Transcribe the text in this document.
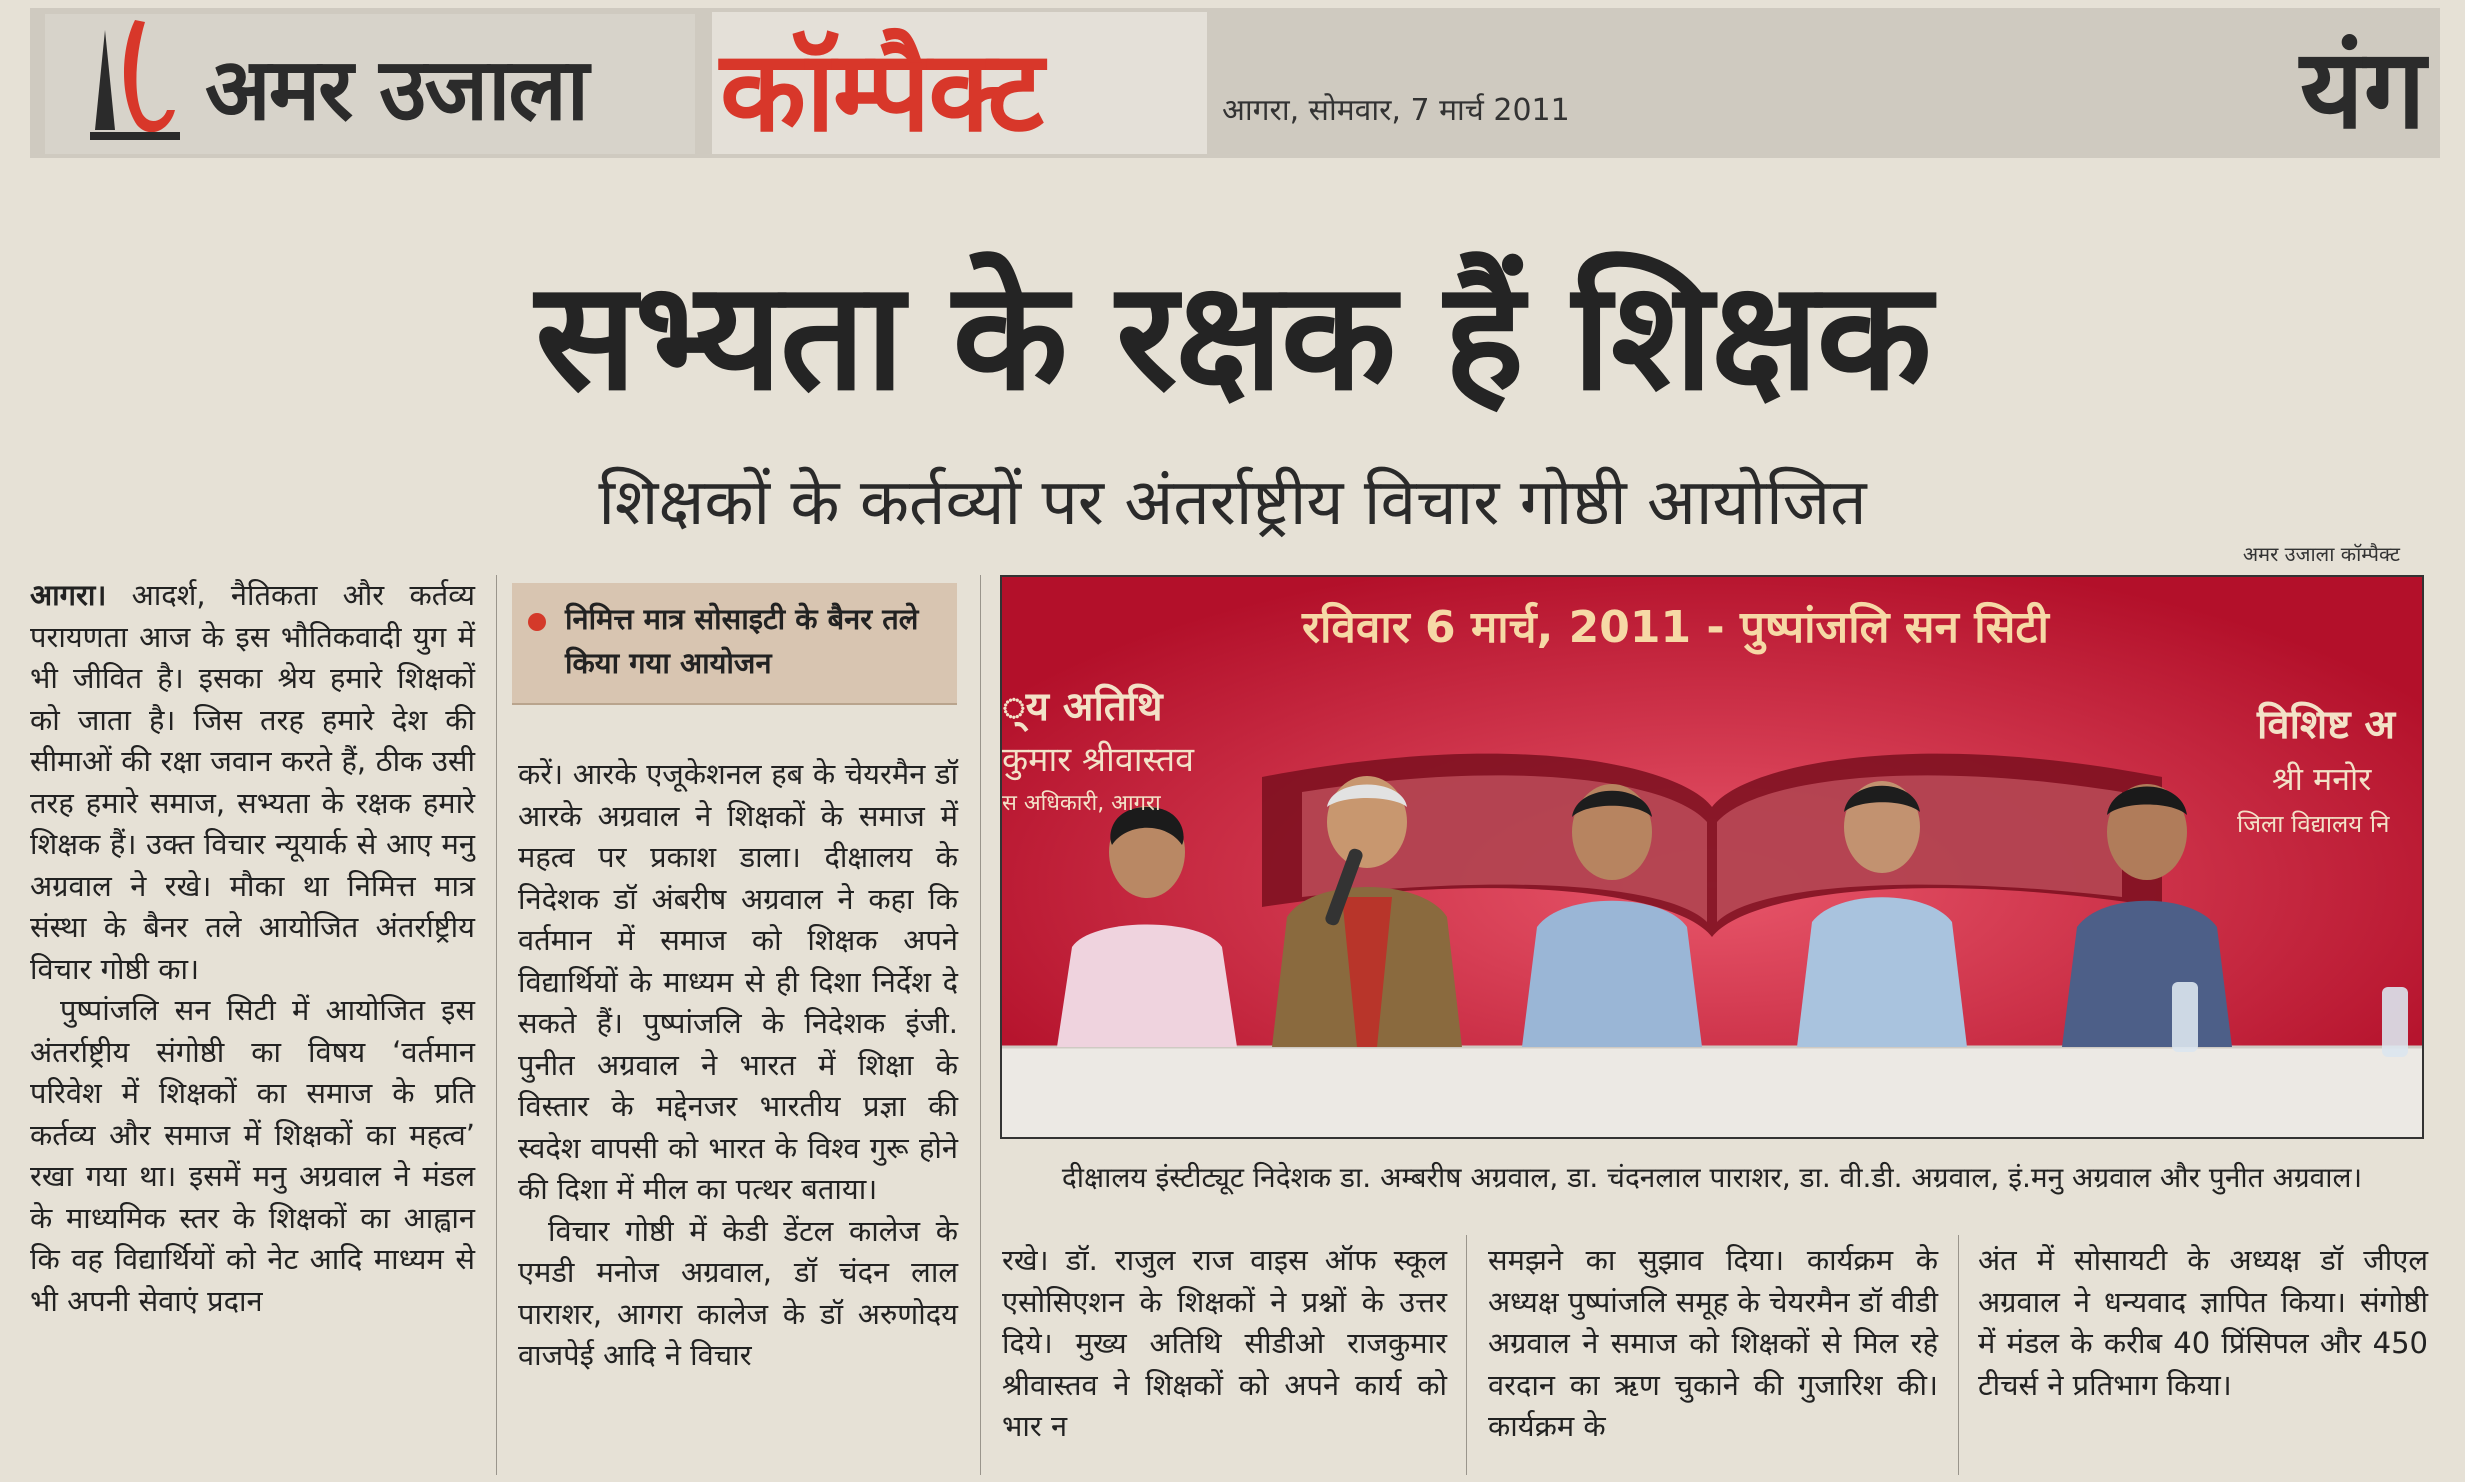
अमर उजाला कॉम्पैक्ट	आगरा, सोमवार, 7 मार्च 2011	यंग
सभ्यता के रक्षक हैं शिक्षक
शिक्षकों के कर्तव्यों पर अंतर्राष्ट्रीय विचार गोष्ठी आयोजित

आगरा। आदर्श, नैतिकता और कर्तव्य परायणता आज के इस भौतिकवादी युग में भी जीवित है। इसका श्रेय हमारे शिक्षकों को जाता है। जिस तरह हमारे देश की सीमाओं की रक्षा जवान करते हैं, ठीक उसी तरह हमारे समाज, सभ्यता के रक्षक हमारे शिक्षक हैं। उक्त विचार न्यूयार्क से आए मनु अग्रवाल ने रखे। मौका था निमित्त मात्र संस्था के बैनर तले आयोजित अंतर्राष्ट्रीय विचार गोष्ठी का।

पुष्पांजलि सन सिटी में आयोजित इस अंतर्राष्ट्रीय संगोष्ठी का विषय ‘वर्तमान परिवेश में शिक्षकों का समाज के प्रति कर्तव्य और समाज में शिक्षकों का महत्व’ रखा गया था। इसमें मनु अग्रवाल ने मंडल के माध्यमिक स्तर के शिक्षकों का आह्वान कि वह विद्यार्थियों को नेट आदि माध्यम से भी अपनी सेवाएं प्रदान

निमित्त मात्र सोसाइटी के बैनर तले किया गया आयोजन

करें। आरके एजूकेशनल हब के चेयरमैन डॉ आरके अग्रवाल ने शिक्षकों के समाज में महत्व पर प्रकाश डाला। दीक्षालय के निदेशक डॉ अंबरीष अग्रवाल ने कहा कि वर्तमान में समाज को शिक्षक अपने विद्यार्थियों के माध्यम से ही दिशा निर्देश दे सकते हैं। पुष्पांजलि के निदेशक इंजी. पुनीत अग्रवाल ने भारत में शिक्षा के विस्तार के मद्देनजर भारतीय प्रज्ञा की स्वदेश वापसी को भारत के विश्व गुरू होने की दिशा में मील का पत्थर बताया।

विचार गोष्ठी में केडी डेंटल कालेज के एमडी मनोज अग्रवाल, डॉ चंदन लाल पाराशर, आगरा कालेज के डॉ अरुणोदय वाजपेई आदि ने विचार

अमर उजाला कॉम्पैक्ट
रविवार 6 मार्च, 2011 - पुष्पांजलि सन सिटी
्य अतिथि
कुमार श्रीवास्तव
स अधिकारी, आगरा
विशिष्ट अ
श्री मनोर
जिला विद्यालय नि
दीक्षालय इंस्टीट्यूट निदेशक डा. अम्बरीष अग्रवाल, डा. चंदनलाल पाराशर, डा. वी.डी. अग्रवाल, इं.मनु अग्रवाल और पुनीत अग्रवाल।

रखे। डॉ. राजुल राज वाइस ऑफ स्कूल एसोसिएशन के शिक्षकों ने प्रश्नों के उत्तर दिये। मुख्य अतिथि सीडीओ राजकुमार श्रीवास्तव ने शिक्षकों को अपने कार्य को भार न

समझने का सुझाव दिया। कार्यक्रम के अध्यक्ष पुष्पांजलि समूह के चेयरमैन डॉ वीडी अग्रवाल ने समाज को शिक्षकों से मिल रहे वरदान का ऋण चुकाने की गुजारिश की। कार्यक्रम के

अंत में सोसायटी के अध्यक्ष डॉ जीएल अग्रवाल ने धन्यवाद ज्ञापित किया। संगोष्ठी में मंडल के करीब 40 प्रिंसिपल और 450 टीचर्स ने प्रतिभाग किया।
